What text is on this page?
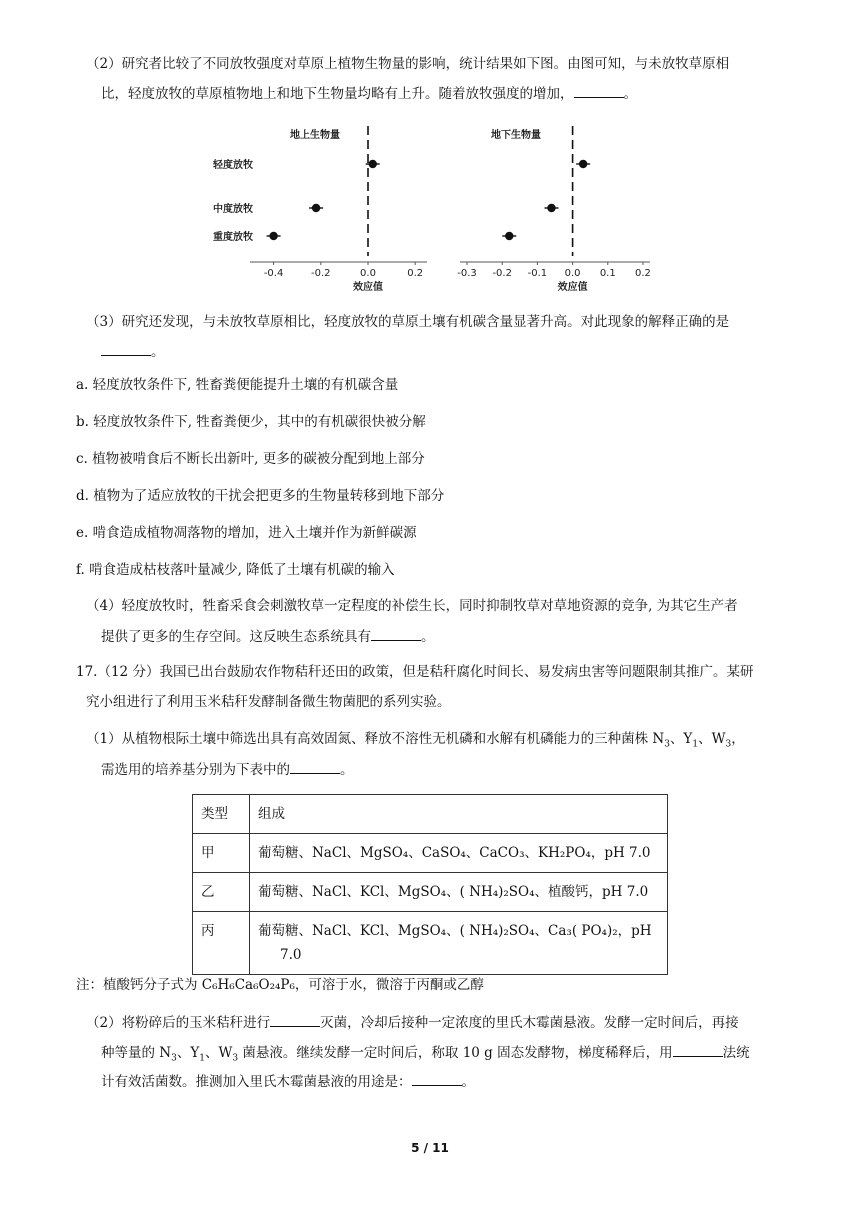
（2）研究者比较了不同放牧强度对草原上植物生物量的影响，统计结果如下图。由图可知，与未放牧草原相
比，轻度放牧的草原植物地上和地下生物量均略有上升。随着放牧强度的增加，	。
地上生物量
-0.4	-0.2	0.0	0.2
效应值
轻度放牧
中度放牧
重度放牧
地下生物量
-0.3 -0.2 -0.1 0.0 0.1 0.2
效应值
（3）研究还发现，与未放牧草原相比，轻度放牧的草原土壤有机碳含量显著升高。对此现象的解释正确的是
。
a. 轻度放牧条件下, 牲畜粪便能提升土壤的有机碳含量
b. 轻度放牧条件下, 牲畜粪便少，其中的有机碳很快被分解
c. 植物被啃食后不断长出新叶, 更多的碳被分配到地上部分
d. 植物为了适应放牧的干扰会把更多的生物量转移到地下部分
e. 啃食造成植物凋落物的增加，进入土壤并作为新鲜碳源
f. 啃食造成枯枝落叶量减少, 降低了土壤有机碳的输入
（4）轻度放牧时，牲畜采食会刺激牧草一定程度的补偿生长，同时抑制牧草对草地资源的竞争, 为其它生产者
提供了更多的生存空间。这反映生态系统具有	。
17.（12 分）我国已出台鼓励农作物秸秆还田的政策，但是秸秆腐化时间长、易发病虫害等问题限制其推广。某研
究小组进行了利用玉米秸秆发酵制备微生物菌肥的系列实验。
（1）从植物根际土壤中筛选出具有高效固氮、释放不溶性无机磷和水解有机磷能力的三种菌株 $N_3$、$Y_1$、$W_3$，
需选用的培养基分别为下表中的	。
类型	组成
甲	葡萄糖、NaCl、MgSO₄、CaSO₄、CaCO₃、KH₂PO₄，pH 7.0
乙	葡萄糖、NaCl、KCl、MgSO₄、( NH₄)₂SO₄、植酸钙，pH 7.0
丙	葡萄糖、NaCl、KCl、MgSO₄、( NH₄)₂SO₄、Ca₃( PO₄)₂，pH
7.0
注：植酸钙分子式为 C₆H₆Ca₆O₂₄P₆，可溶于水，微溶于丙酮或乙醇
（2）将粉碎后的玉米秸秆进行	灭菌，冷却后接种一定浓度的里氏木霉菌悬液。发酵一定时间后，再接
种等量的 $N_3$、$Y_1$、$W_3$ 菌悬液。继续发酵一定时间后，称取 10 g 固态发酵物，梯度稀释后，用	法统
计有效活菌数。推测加入里氏木霉菌悬液的用途是：	。
5 / 11
